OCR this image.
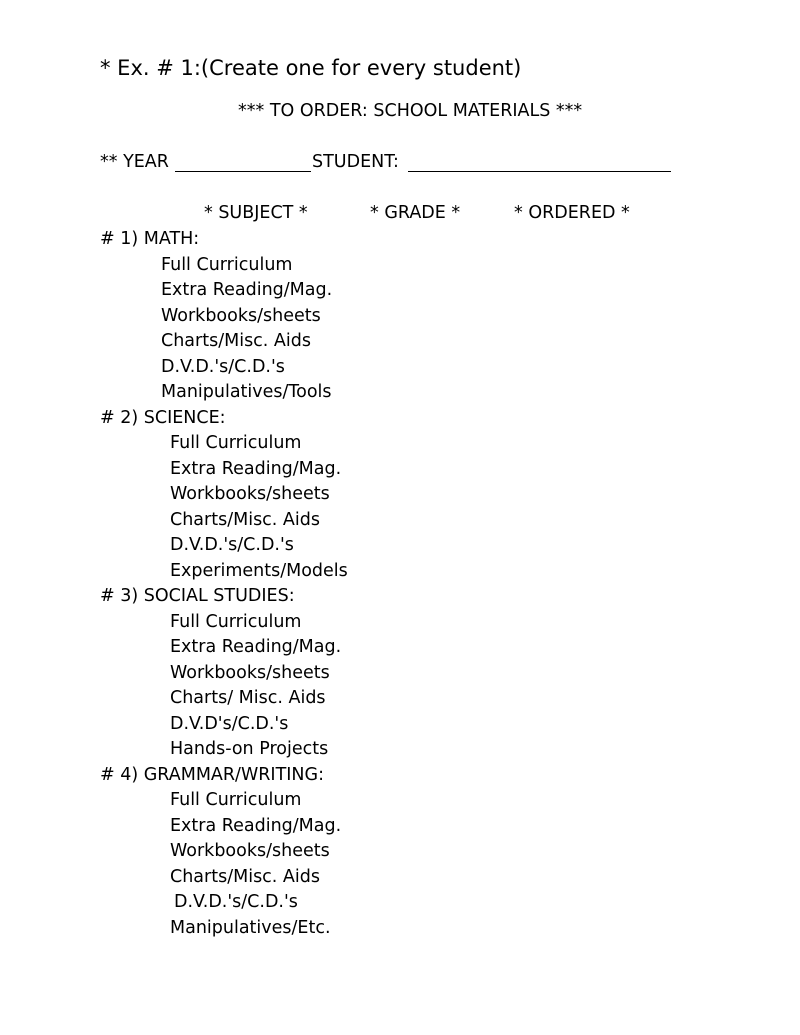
* Ex. # 1:(Create one for every student)
*** TO ORDER: SCHOOL MATERIALS ***
** YEAR	STUDENT:
* SUBJECT *	* GRADE *	* ORDERED *
# 1) MATH:
Full Curriculum
Extra Reading/Mag.
Workbooks/sheets
Charts/Misc. Aids
D.V.D.'s/C.D.'s
Manipulatives/Tools
# 2) SCIENCE:
Full Curriculum
Extra Reading/Mag.
Workbooks/sheets
Charts/Misc. Aids
D.V.D.'s/C.D.'s
Experiments/Models
# 3) SOCIAL STUDIES:
Full Curriculum
Extra Reading/Mag.
Workbooks/sheets
Charts/ Misc. Aids
D.V.D's/C.D.'s
Hands-on Projects
# 4) GRAMMAR/WRITING:
Full Curriculum
Extra Reading/Mag.
Workbooks/sheets
Charts/Misc. Aids
D.V.D.'s/C.D.'s
Manipulatives/Etc.
